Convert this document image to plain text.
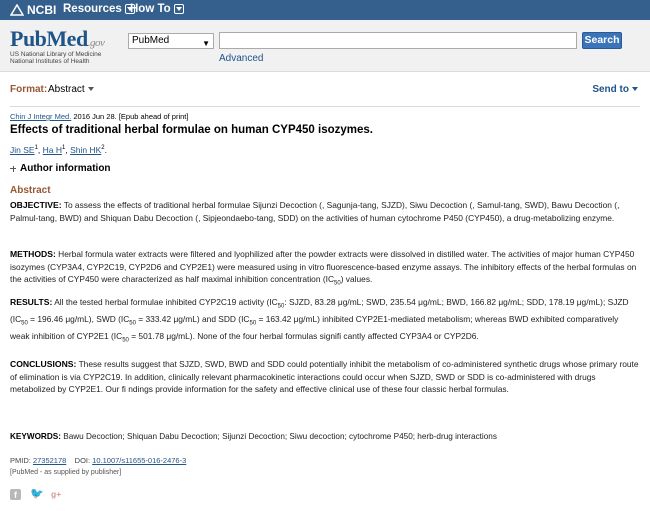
NCBI Resources How To
PubMed.gov
US National Library of Medicine
National Institutes of Health
PubMed	▼	Search
Advanced
Format: Abstract	Send to
Chin J Integr Med. 2016 Jun 28. [Epub ahead of print]
Effects of traditional herbal formulae on human CYP450 isozymes.
Jin $SE^1$, Ha $H^1$, Shin $HK^2$.
Author information
Abstract
OBJECTIVE: To assess the effects of traditional herbal formulae Sijunzi Decoction (, Sagunja-tang, SJZD), Siwu Decoction (, Samul-tang, SWD), Bawu Decoction (, Palmul-tang, BWD) and Shiquan Dabu Decoction (, Sipjeondaebo-tang, SDD) on the activities of human cytochrome P450 (CYP450), a drug-metabolizing enzyme.
METHODS: Herbal formula water extracts were filtered and lyophilized after the powder extracts were dissolved in distilled water. The activities of major human CYP450 isozymes (CYP3A4, CYP2C19, CYP2D6 and CYP2E1) were measured using in vitro fluorescence-based enzyme assays. The inhibitory effects of the herbal formulas on the activities of CYP450 were characterized as half maximal inhibition concentration $(IC_{50})$ values.
RESULTS: All the tested herbal formulae inhibited CYP2C19 activity ($IC_{50}$: SJZD, 83.28 μg/mL; SWD, 235.54 μg/mL; BWD, 166.82 μg/mL; SDD, 178.19 μg/mL); SJZD ($IC_{50} = 196.46$ μg/mL), SWD ($IC_{50} = 333.42$ μg/mL) and SDD ($IC_{50} = 163.42$ μg/mL) inhibited CYP2E1-mediated metabolism; whereas BWD exhibited comparatively weak inhibition of CYP2E1 ($IC_{50} = 501.78$ μg/mL). None of the four herbal formulas signifi cantly affected CYP3A4 or CYP2D6.
CONCLUSIONS: These results suggest that SJZD, SWD, BWD and SDD could potentially inhibit the metabolism of co-administered synthetic drugs whose primary route of elimination is via CYP2C19. In addition, clinically relevant pharmacokinetic interactions could occur when SJZD, SWD or SDD is co-administered with drugs metabolized by CYP2E1. Our fi ndings provide information for the safety and effective clinical use of these four classic herbal formulas.
KEYWORDS: Bawu Decoction; Shiquan Dabu Decoction; Sijunzi Decoction; Siwu decoction; cytochrome P450; herb-drug interactions
PMID: 27352178 DOI: 10.1007/s11655-016-2476-3
[PubMed - as supplied by publisher]
f	🐦 g+
